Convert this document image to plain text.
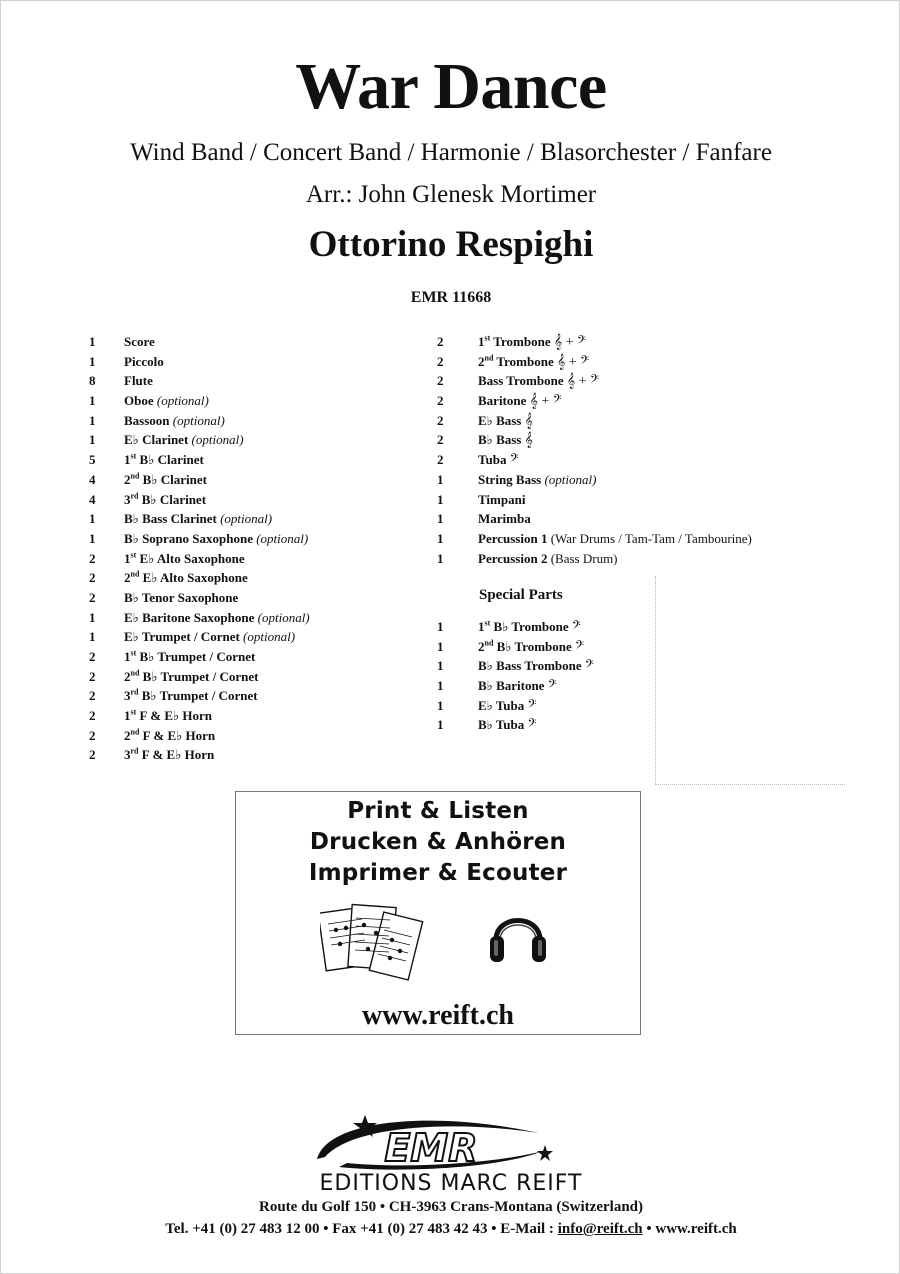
War Dance
Wind Band / Concert Band / Harmonie / Blasorchester / Fanfare
Arr.: John Glenesk Mortimer
Ottorino Respighi
EMR 11668
1 Score
1 Piccolo
8 Flute
1 Oboe (optional)
1 Bassoon (optional)
1 E♭ Clarinet (optional)
5 1st B♭ Clarinet
4 2nd B♭ Clarinet
4 3rd B♭ Clarinet
1 B♭ Bass Clarinet (optional)
1 B♭ Soprano Saxophone (optional)
2 1st E♭ Alto Saxophone
2 2nd E♭ Alto Saxophone
2 B♭ Tenor Saxophone
1 E♭ Baritone Saxophone (optional)
1 E♭ Trumpet / Cornet (optional)
2 1st B♭ Trumpet / Cornet
2 2nd B♭ Trumpet / Cornet
2 3rd B♭ Trumpet / Cornet
2 1st F & E♭ Horn
2 2nd F & E♭ Horn
2 3rd F & E♭ Horn
2	1st Trombone 𝄞 + 𝄢
2	2nd Trombone 𝄞 + 𝄢
2	Bass Trombone 𝄞 + 𝄢
2	Baritone 𝄞 + 𝄢
2	E♭ Bass 𝄞
2	B♭ Bass 𝄞
2	Tuba 𝄢
1	String Bass (optional)
1	Timpani
1	Marimba
1	Percussion 1 (War Drums / Tam-Tam / Tambourine)
1	Percussion 2 (Bass Drum)
Special Parts
1	1st B♭ Trombone 𝄢
1	2nd B♭ Trombone 𝄢
1	B♭ Bass Trombone 𝄢
1	B♭ Baritone 𝄢
1	E♭ Tuba 𝄢
1	B♭ Tuba 𝄢
Print & Listen
Drucken & Anhören
Imprimer & Ecouter
www.reift.ch
EMR
EDITIONS MARC REIFT
Route du Golf 150 • CH-3963 Crans-Montana (Switzerland)
Tel. +41 (0) 27 483 12 00 • Fax +41 (0) 27 483 42 43 • E-Mail : info@reift.ch • www.reift.ch
